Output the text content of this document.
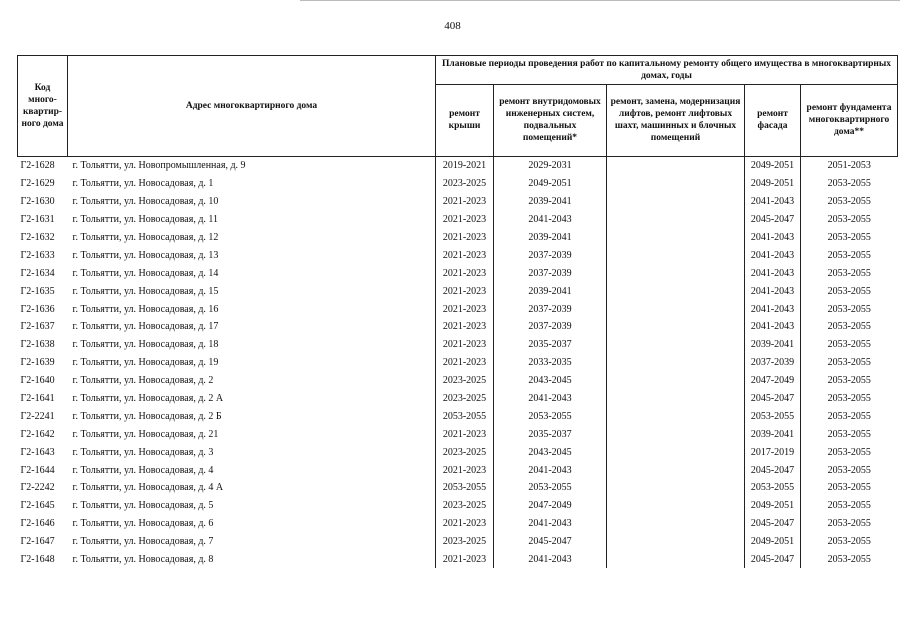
408
Код много-квартир-ного дома	Адрес многоквартирного дома	Плановые периоды проведения работ по капитальному ремонту общего имущества в многоквартирных домах, годы				
		ремонт крыши	ремонт внутридомовых инженерных систем, подвальных помещений*	ремонт, замена, модернизация лифтов, ремонт лифтовых шахт, машинных и блочных помещений	ремонт фасада	ремонт фундамента многоквартирного дома**
Г2-1628	г. Тольятти, ул. Новопромышленная, д. 9	2019-2021	2029-2031		2049-2051	2051-2053
Г2-1629	г. Тольятти, ул. Новосадовая, д. 1	2023-2025	2049-2051		2049-2051	2053-2055
Г2-1630	г. Тольятти, ул. Новосадовая, д. 10	2021-2023	2039-2041		2041-2043	2053-2055
Г2-1631	г. Тольятти, ул. Новосадовая, д. 11	2021-2023	2041-2043		2045-2047	2053-2055
Г2-1632	г. Тольятти, ул. Новосадовая, д. 12	2021-2023	2039-2041		2041-2043	2053-2055
Г2-1633	г. Тольятти, ул. Новосадовая, д. 13	2021-2023	2037-2039		2041-2043	2053-2055
Г2-1634	г. Тольятти, ул. Новосадовая, д. 14	2021-2023	2037-2039		2041-2043	2053-2055
Г2-1635	г. Тольятти, ул. Новосадовая, д. 15	2021-2023	2039-2041		2041-2043	2053-2055
Г2-1636	г. Тольятти, ул. Новосадовая, д. 16	2021-2023	2037-2039		2041-2043	2053-2055
Г2-1637	г. Тольятти, ул. Новосадовая, д. 17	2021-2023	2037-2039		2041-2043	2053-2055
Г2-1638	г. Тольятти, ул. Новосадовая, д. 18	2021-2023	2035-2037		2039-2041	2053-2055
Г2-1639	г. Тольятти, ул. Новосадовая, д. 19	2021-2023	2033-2035		2037-2039	2053-2055
Г2-1640	г. Тольятти, ул. Новосадовая, д. 2	2023-2025	2043-2045		2047-2049	2053-2055
Г2-1641	г. Тольятти, ул. Новосадовая, д. 2 А	2023-2025	2041-2043		2045-2047	2053-2055
Г2-2241	г. Тольятти, ул. Новосадовая, д. 2 Б	2053-2055	2053-2055		2053-2055	2053-2055
Г2-1642	г. Тольятти, ул. Новосадовая, д. 21	2021-2023	2035-2037		2039-2041	2053-2055
Г2-1643	г. Тольятти, ул. Новосадовая, д. 3	2023-2025	2043-2045		2017-2019	2053-2055
Г2-1644	г. Тольятти, ул. Новосадовая, д. 4	2021-2023	2041-2043		2045-2047	2053-2055
Г2-2242	г. Тольятти, ул. Новосадовая, д. 4 А	2053-2055	2053-2055		2053-2055	2053-2055
Г2-1645	г. Тольятти, ул. Новосадовая, д. 5	2023-2025	2047-2049		2049-2051	2053-2055
Г2-1646	г. Тольятти, ул. Новосадовая, д. 6	2021-2023	2041-2043		2045-2047	2053-2055
Г2-1647	г. Тольятти, ул. Новосадовая, д. 7	2023-2025	2045-2047		2049-2051	2053-2055
Г2-1648	г. Тольятти, ул. Новосадовая, д. 8	2021-2023	2041-2043		2045-2047	2053-2055
